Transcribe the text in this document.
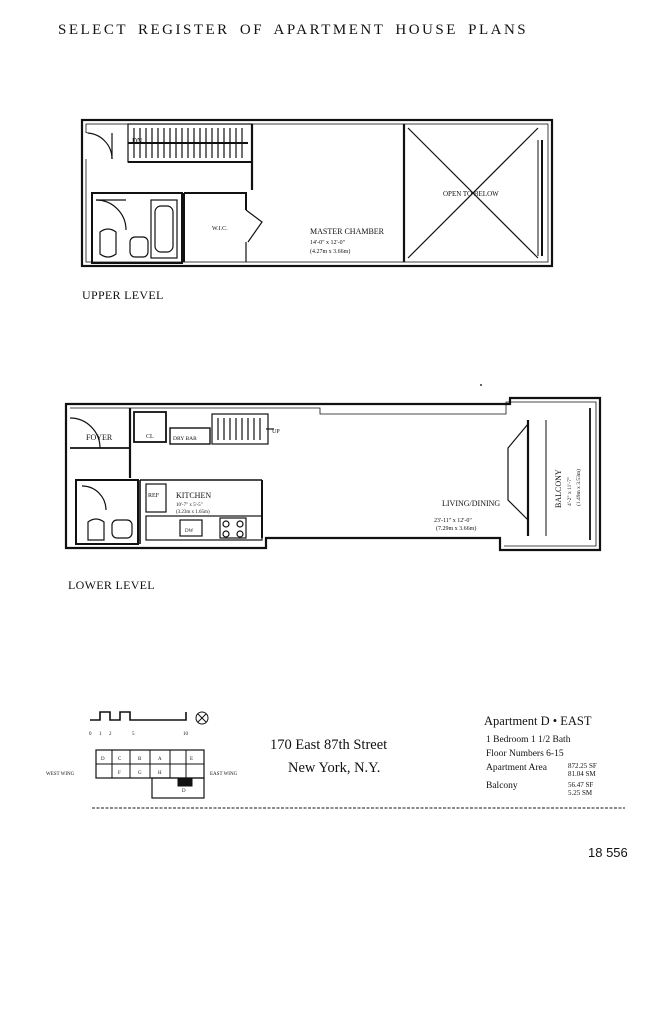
SELECT REGISTER OF APARTMENT HOUSE PLANS
DN
W.I.C.	MASTER CHAMBER
14'-0" x 12'-0"
(4.27m x 3.66m)
OPEN TO BELOW
FOYER	CL	DRY BAR
UP
REF KITCHEN
10'-7" x 5'-5"
(3.23m x 1.65m)
DW
LIVING/DINING
23'-11" x 12'-0"
(7.29m x 3.66m)
BALCONY 4'-2" x 11'-7" (1.49m x 3.53m)
0 1 2	5	10
WEST WING	EAST WING
D	C	B	A	E
F	G	H
D
Apartment D • EAST
1 Bedroom 1 1/2 Bath
Floor Numbers 6-15
Apartment Area	872.25 SF
81.04 SM
Balcony	56.47 SF
5.25 SM
UPPER LEVEL
LOWER LEVEL
170 East 87th Street
New York, N.Y.
18 556
